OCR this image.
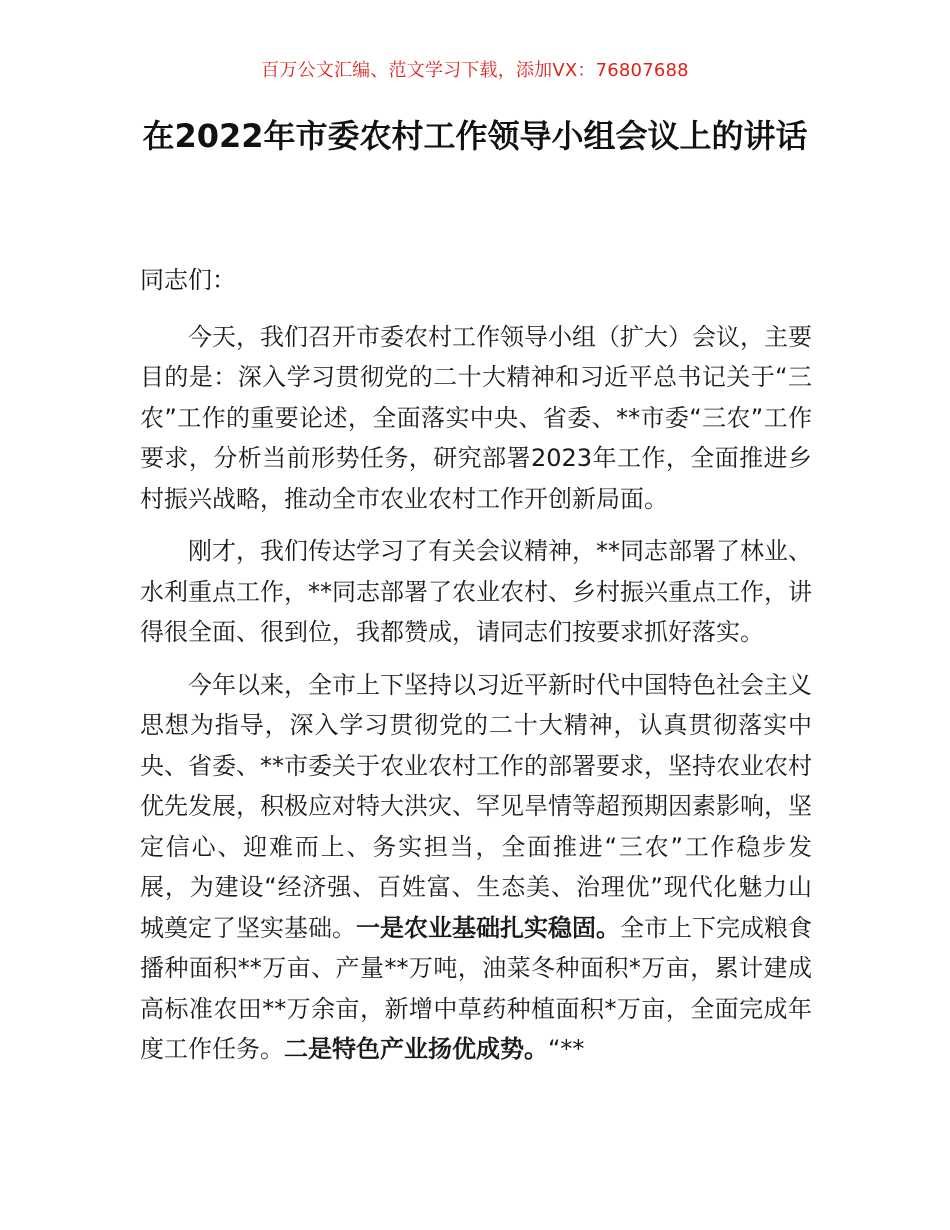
百万公文汇编、范文学习下载，添加VX：76807688
在2022年市委农村工作领导小组会议上的讲话

同志们：

今天，我们召开市委农村工作领导小组（扩大）会议，主要目的是：深入学习贯彻党的二十大精神和习近平总书记关于“三农”工作的重要论述，全面落实中央、省委、**市委“三农”工作要求，分析当前形势任务，研究部署2023年工作，全面推进乡村振兴战略，推动全市农业农村工作开创新局面。

刚才，我们传达学习了有关会议精神，**同志部署了林业、水利重点工作，**同志部署了农业农村、乡村振兴重点工作，讲得很全面、很到位，我都赞成，请同志们按要求抓好落实。

今年以来，全市上下坚持以习近平新时代中国特色社会主义思想为指导，深入学习贯彻党的二十大精神，认真贯彻落实中央、省委、**市委关于农业农村工作的部署要求，坚持农业农村优先发展，积极应对特大洪灾、罕见旱情等超预期因素影响，坚定信心、迎难而上、务实担当，全面推进“三农”工作稳步发展，为建设“经济强、百姓富、生态美、治理优”现代化魅力山城奠定了坚实基础。一是农业基础扎实稳固。全市上下完成粮食播种面积**万亩、产量**万吨，油菜冬种面积*万亩，累计建成高标准农田**万余亩，新增中草药种植面积*万亩，全面完成年度工作任务。二是特色产业扬优成势。“**
